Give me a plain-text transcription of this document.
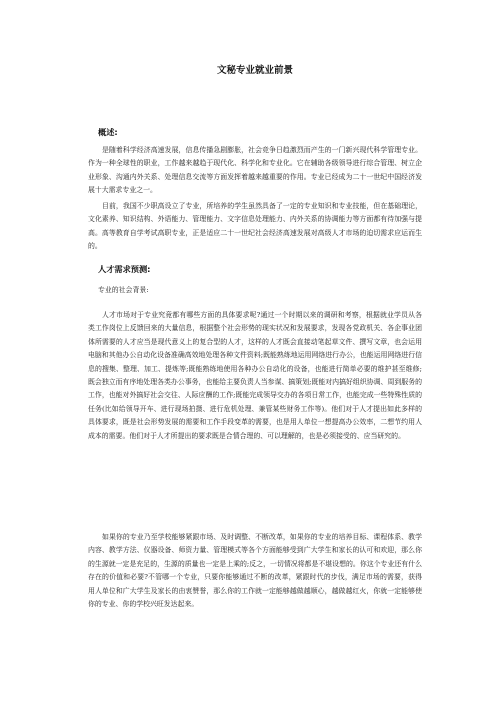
文秘专业就业前景
概述:

是随着科学经济高速发展，信息传播急剧膨胀，社会竞争日趋激烈而产生的一门新兴现代科学管理专业。作为一种全球性的职业，工作越来越趋于现代化、科学化和专业化。它在辅助各级领导进行综合管理、树立企业形象、沟通内外关系、处理信息交流等方面发挥着越来越重要的作用。专业已经成为二十一世纪中国经济发展十大需求专业之一。

目前，我国不少职高设立了专业，所培养的学生虽然具备了一定的专业知识和专业技能，但在基础理论，文化素养、知识结构、外语能力、管理能力、文字信息处理能力、内外关系的协调能力等方面都有待加强与提高。高等教育自学考试高职专业，正是适应二十一世纪社会经济高速发展对高级人才市场的迫切需求应运而生的。

人才需求预测:
专业的社会背景:

人才市场对于专业究竟都有哪些方面的具体要求呢?通过一个时期以来的调研和考察，根据就业学员从各类工作岗位上反馈回来的大量信息，根据整个社会形势的现实状况和发展要求，发现各党政机关、各企事业团体所需要的人才应当是现代意义上的复合型的人才，这样的人才既会直接动笔起草文件、撰写文章，也会运用电脑和其他办公自动化设备准确高效地处理各种文件资料;既能熟练地运用网络进行办公，也能运用网络进行信息的搜集、整理、加工、提炼等;既能熟练地使用各种办公自动化的设备，也能进行简单必要的维护甚至维修;既会独立而有序地处理各类办公事务，也能给主要负责人当参谋、搞策划;既能对内搞好组织协调、周到服务的工作，也能对外搞好社会交往、人际应酬的工作;既能完成领导交办的各项日常工作，也能完成一些特殊性质的任务(比如给领导开车、进行现场拍摄、进行危机处理、兼管某些财务工作等)。他们对于人才提出如此多样的具体要求，既是社会形势发展的需要和工作手段变革的需要，也是用人单位一想提高办公效率，二想节约用人成本的需要。他们对于人才所提出的要求既是合情合理的、可以理解的，也是必须接受的、应当研究的。

如果你的专业乃至学校能够紧跟市场、及时调整、不断改革，如果你的专业的培养目标、课程体系、教学内容、教学方法、仪器设备、师资力量、管理模式等各个方面能够受到广大学生和家长的认可和欢迎，那么你的生源就一定是充足的，生源的质量也一定是上乘的;反之，一切情况将都是不堪设想的。你这个专业还有什么存在的价值和必要?不管哪一个专业，只要你能够通过不断的改革，紧跟时代的步伐，满足市场的需要，获得用人单位和广大学生及家长的由衷赞誉，那么你的工作就一定能够越做越顺心，越做越红火，你就一定能够使你的专业、你的学校兴旺发达起来。
